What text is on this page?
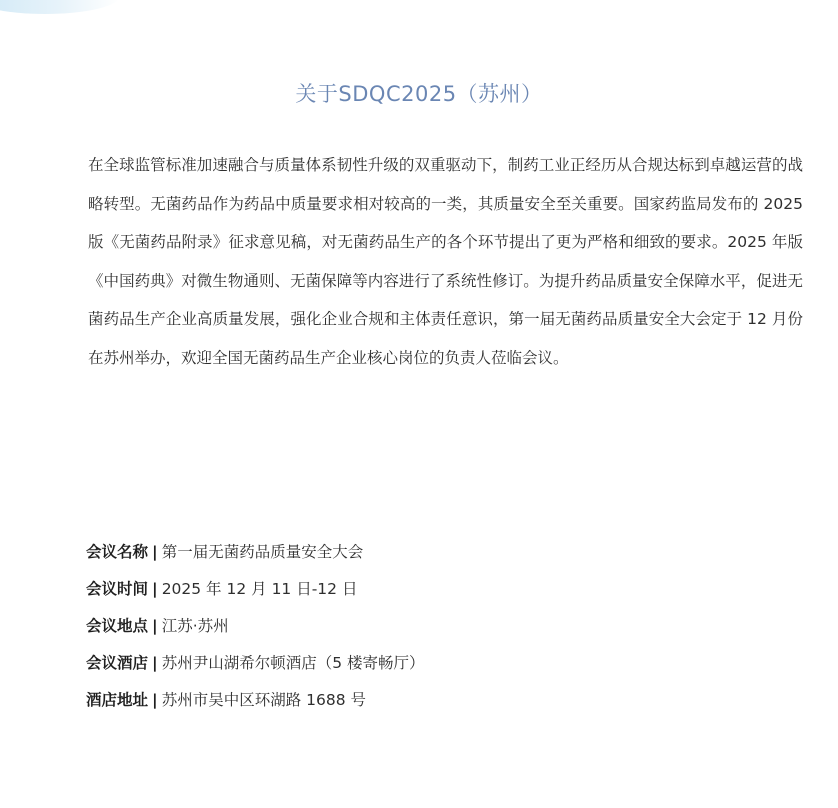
关于SDQC2025（苏州）

在全球监管标准加速融合与质量体系韧性升级的双重驱动下，制药工业正经历从合规达标到卓越运营的战略转型。无菌药品作为药品中质量要求相对较高的一类，其质量安全至关重要。国家药监局发布的 2025 版《无菌药品附录》征求意见稿，对无菌药品生产的各个环节提出了更为严格和细致的要求。2025 年版《中国药典》对微生物通则、无菌保障等内容进行了系统性修订。为提升药品质量安全保障水平，促进无菌药品生产企业高质量发展，强化企业合规和主体责任意识，第一届无菌药品质量安全大会定于 12 月份在苏州举办，欢迎全国无菌药品生产企业核心岗位的负责人莅临会议。

会议名称 | 第一届无菌药品质量安全大会
会议时间 | 2025 年 12 月 11 日-12 日
会议地点 | 江苏·苏州
会议酒店 | 苏州尹山湖希尔顿酒店（5 楼寄畅厅）
酒店地址 | 苏州市吴中区环湖路 1688 号
